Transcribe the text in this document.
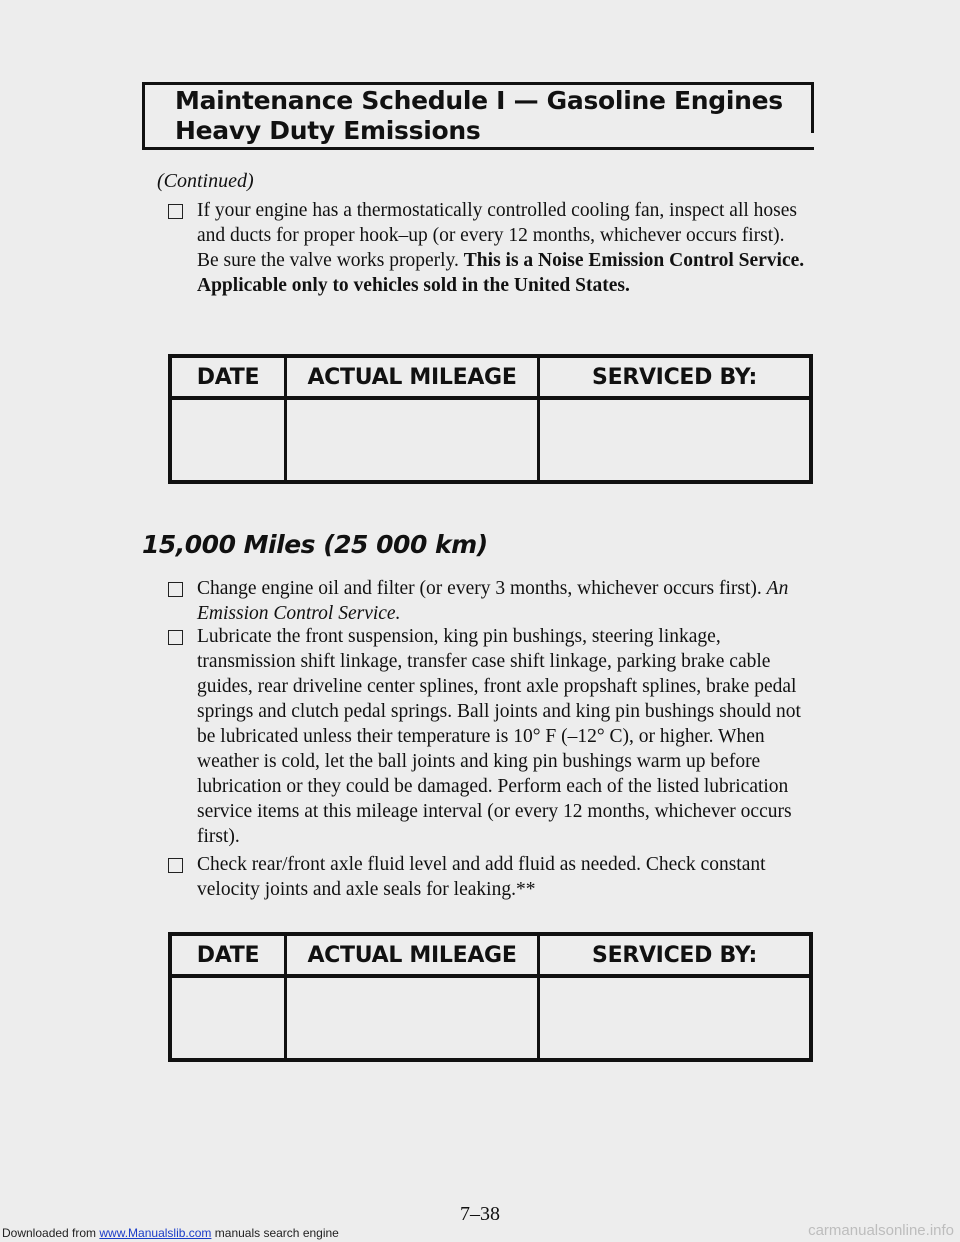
Maintenance Schedule I — Gasoline Engines Heavy Duty Emissions
(Continued)
If your engine has a thermostatically controlled cooling fan, inspect all hoses and ducts for proper hook–up (or every 12 months, whichever occurs first). Be sure the valve works properly. This is a Noise Emission Control Service. Applicable only to vehicles sold in the United States.
DATE	ACTUAL MILEAGE	SERVICED BY:

15,000 Miles (25 000 km)
Change engine oil and filter (or every 3 months, whichever occurs first). An Emission Control Service.
Lubricate the front suspension, king pin bushings, steering linkage, transmission shift linkage, transfer case shift linkage, parking brake cable guides, rear driveline center splines, front axle propshaft splines, brake pedal springs and clutch pedal springs. Ball joints and king pin bushings should not be lubricated unless their temperature is 10° F (–12° C), or higher. When weather is cold, let the ball joints and king pin bushings warm up before lubrication or they could be damaged. Perform each of the listed lubrication service items at this mileage interval (or every 12 months, whichever occurs first).
Check rear/front axle fluid level and add fluid as needed. Check constant velocity joints and axle seals for leaking.**
DATE	ACTUAL MILEAGE	SERVICED BY:

7–38
Downloaded from www.Manualslib.com manuals search engine	carmanualsonline.info
